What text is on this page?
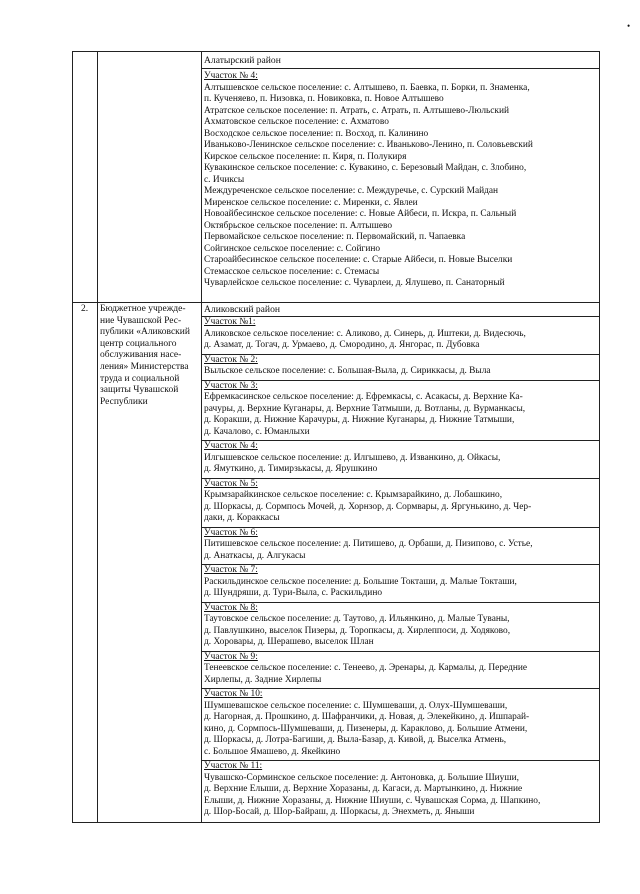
•
Алатырский район
Участок № 4:
Алтышевское сельское поселение: с. Алтышево, п. Баевка, п. Борки, п. Знаменка,
п. Кученяево, п. Низовка, п. Новиковка, п. Новое Алтышево
Атратское сельское поселение: п. Атрать, с. Атрать, п. Алтышево-Люльский
Ахматовское сельское поселение: с. Ахматово
Восходское сельское поселение: п. Восход, п. Калинино
Иваньково-Ленинское сельское поселение: с. Иваньково-Ленино, п. Соловьевский
Кирское сельское поселение: п. Киря, п. Полукиря
Кувакинское сельское поселение: с. Кувакино, с. Березовый Майдан, с. Злобино,
с. Ичиксы
Междуреченское сельское поселение: с. Междуречье, с. Сурский Майдан
Миренское сельское поселение: с. Миренки, с. Явлеи
Новоайбесинское сельское поселение: с. Новые Айбеси, п. Искра, п. Сальный
Октябрьское сельское поселение: п. Алтышево
Первомайское сельское поселение: п. Первомайский, п. Чапаевка
Сойгинское сельское поселение: с. Сойгино
Староайбесинское сельское поселение: с. Старые Айбеси, п. Новые Выселки
Стемасское сельское поселение: с. Стемасы
Чуварлейское сельское поселение: с. Чуварлеи, д. Ялушево, п. Санаторный
2.	Бюджетное учрежде-
ние Чувашской Рес-
публики «Аликовский
центр социального
обслуживания насе-
ления» Министерства
труда и социальной
защиты Чувашской
Республики
Аликовский район
Участок №1:
Аликовское сельское поселение: с. Аликово, д. Синерь, д. Иштеки, д. Видесючь,
д. Азамат, д. Тогач, д. Урмаево, д. Смородино, д. Янгорас, п. Дубовка
Участок № 2:
Выльское сельское поселение: с. Большая-Выла, д. Сириккасы, д. Выла
Участок № 3:
Ефремкасинское сельское поселение: д. Ефремкасы, с. Асакасы, д. Верхние Ка-
рачуры, д. Верхние Куганары, д. Верхние Татмыши, д. Вотланы, д. Вурманкасы,
д. Коракши, д. Нижние Карачуры, д. Нижние Куганары, д. Нижние Татмыши,
д. Качалово, с. Юманлыхи
Участок № 4:
Илгышевское сельское поселение: д. Илгышево, д. Изванкино, д. Ойкасы,
д. Ямуткино, д. Тимирзькасы, д. Ярушкино
Участок № 5:
Крымзарайкинское сельское поселение: с. Крымзарайкино, д. Лобашкино,
д. Шоркасы, д. Сормпось Мочей, д. Хорнзор, д. Сормвары, д. Яргунькино, д. Чер-
даки, д. Кораккасы
Участок № 6:
Питишевское сельское поселение: д. Питишево, д. Орбаши, д. Пизипово, с. Устье,
д. Анаткасы, д. Алгукасы
Участок № 7:
Раскильдинское сельское поселение: д. Большие Токташи, д. Малые Токташи,
д. Шундряши, д. Тури-Выла, с. Раскильдино
Участок № 8:
Таутовское сельское поселение: д. Таутово, д. Ильянкино, д. Малые Туваны,
д. Павлушкино, выселок Пизеры, д. Торопкасы, д. Хирлеппоси, д. Ходяково,
д. Хоровары, д. Шерашево, выселок Шлан
Участок № 9:
Тенеевское сельское поселение: с. Тенеево, д. Эренары, д. Кармалы, д. Передние
Хирлепы, д. Задние Хирлепы
Участок № 10:
Шумшевашское сельское поселение: с. Шумшеваши, д. Олух-Шумшеваши,
д. Нагорная, д. Прошкино, д. Шафранчики, д. Новая, д. Элекейкино, д. Ишпарай-
кино, д. Сормпось-Шумшеваши, д. Пизенеры, д. Караклово, д. Большие Атмени,
д. Шоркасы, д. Лотра-Багиши, д. Выла-Базар, д. Кивой, д. Выселка Атмень,
с. Большое Ямашево, д. Якейкино
Участок № 11:
Чувашско-Сорминское сельское поселение: д. Антоновка, д. Большие Шиуши,
д. Верхние Елыши, д. Верхние Хоразаны, д. Кагаси, д. Мартынкино, д. Нижние
Елыши, д. Нижние Хоразаны, д. Нижние Шиуши, с. Чувашская Сорма, д. Шапкино,
д. Шор-Босай, д. Шор-Байраш, д. Шоркасы, д. Энехметь, д. Яныши
